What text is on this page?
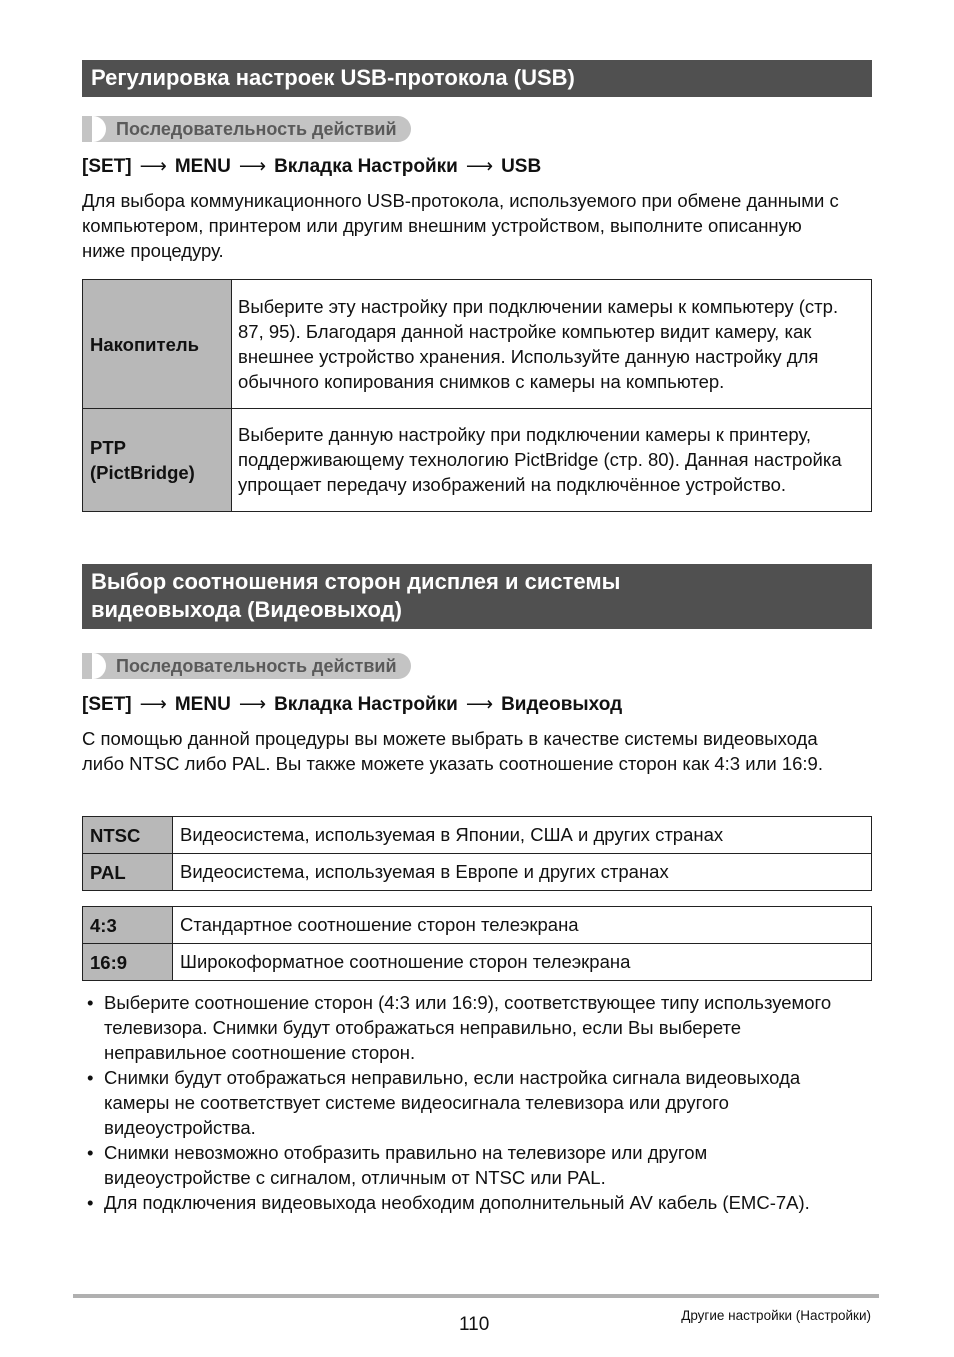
Регулировка настроек USB-протокола (USB)
Последовательность действий
[SET] ⟶ MENU ⟶ Вкладка Настройки ⟶ USB
Для выбора коммуникационного USB-протокола, используемого при обмене данными с компьютером, принтером или другим внешним устройством, выполните описанную ниже процедуру.
Накопитель	Выберите эту настройку при подключении камеры к компьютеру (стр. 87, 95). Благодаря данной настройке компьютер видит камеру, как внешнее устройство хранения. Используйте данную настройку для обычного копирования снимков с камеры на компьютер.

PTP (PictBridge)	Выберите данную настройку при подключении камеры к принтеру, поддерживающему технологию PictBridge (стр. 80). Данная настройка упрощает передачу изображений на подключённое устройство.
Выбор соотношения сторон дисплея и системы видеовыхода (Видеовыход)
Последовательность действий
[SET] ⟶ MENU ⟶ Вкладка Настройки ⟶ Видеовыход
С помощью данной процедуры вы можете выбрать в качестве системы видеовыхода либо NTSC либо PAL. Вы также можете указать соотношение сторон как 4:3 или 16:9.
NTSC	Видеосистема, используемая в Японии, США и других странах
PAL	Видеосистема, используемая в Европе и других странах
4:3	Стандартное соотношение сторон телеэкрана
16:9	Широкоформатное соотношение сторон телеэкрана
• Выберите соотношение сторон (4:3 или 16:9), соответствующее типу используемого телевизора. Снимки будут отображаться неправильно, если Вы выберете неправильное соотношение сторон.
• Снимки будут отображаться неправильно, если настройка сигнала видеовыхода камеры не соответствует системе видеосигнала телевизора или другого видеоустройства.
• Снимки невозможно отобразить правильно на телевизоре или другом видеоустройстве с сигналом, отличным от NTSC или PAL.
• Для подключения видеовыхода необходим дополнительный AV кабель (EMC-7A).
110	Другие настройки (Настройки)
